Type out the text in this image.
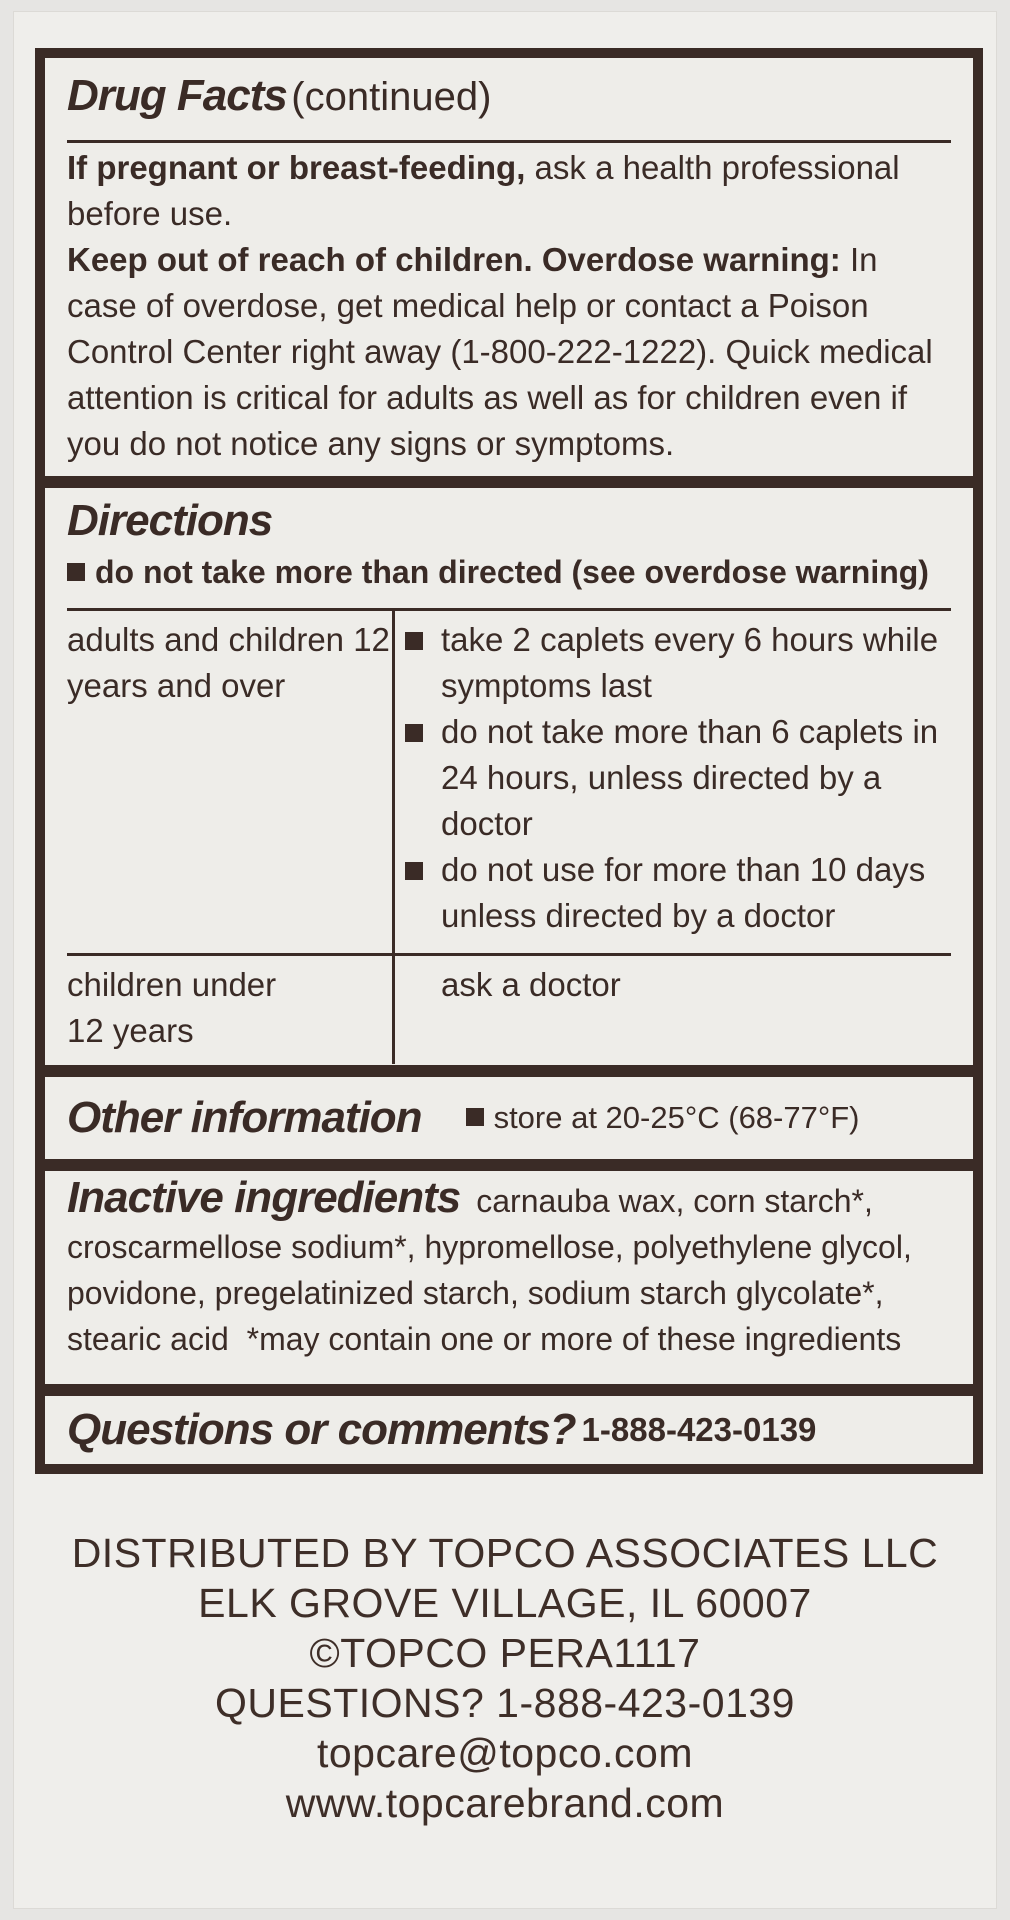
Drug Facts (continued)
If pregnant or breast-feeding, ask a health professional before use.
Keep out of reach of children. Overdose warning: In case of overdose, get medical help or contact a Poison Control Center right away (1-800-222-1222). Quick medical attention is critical for adults as well as for children even if you do not notice any signs or symptoms.
Directions
do not take more than directed (see overdose warning)
adults and children 12 years and over
take 2 caplets every 6 hours while symptoms last
do not take more than 6 caplets in 24 hours, unless directed by a doctor
do not use for more than 10 days unless directed by a doctor
children under 12 years
ask a doctor
Other information	store at 20-25°C (68-77°F)
Inactive ingredients carnauba wax, corn starch*, croscarmellose sodium*, hypromellose, polyethylene glycol, povidone, pregelatinized starch, sodium starch glycolate*, stearic acid  *may contain one or more of these ingredients
Questions or comments? 1-888-423-0139
DISTRIBUTED BY TOPCO ASSOCIATES LLC
ELK GROVE VILLAGE, IL 60007
©TOPCO PERA1117
QUESTIONS? 1-888-423-0139
topcare@topco.com
www.topcarebrand.com
